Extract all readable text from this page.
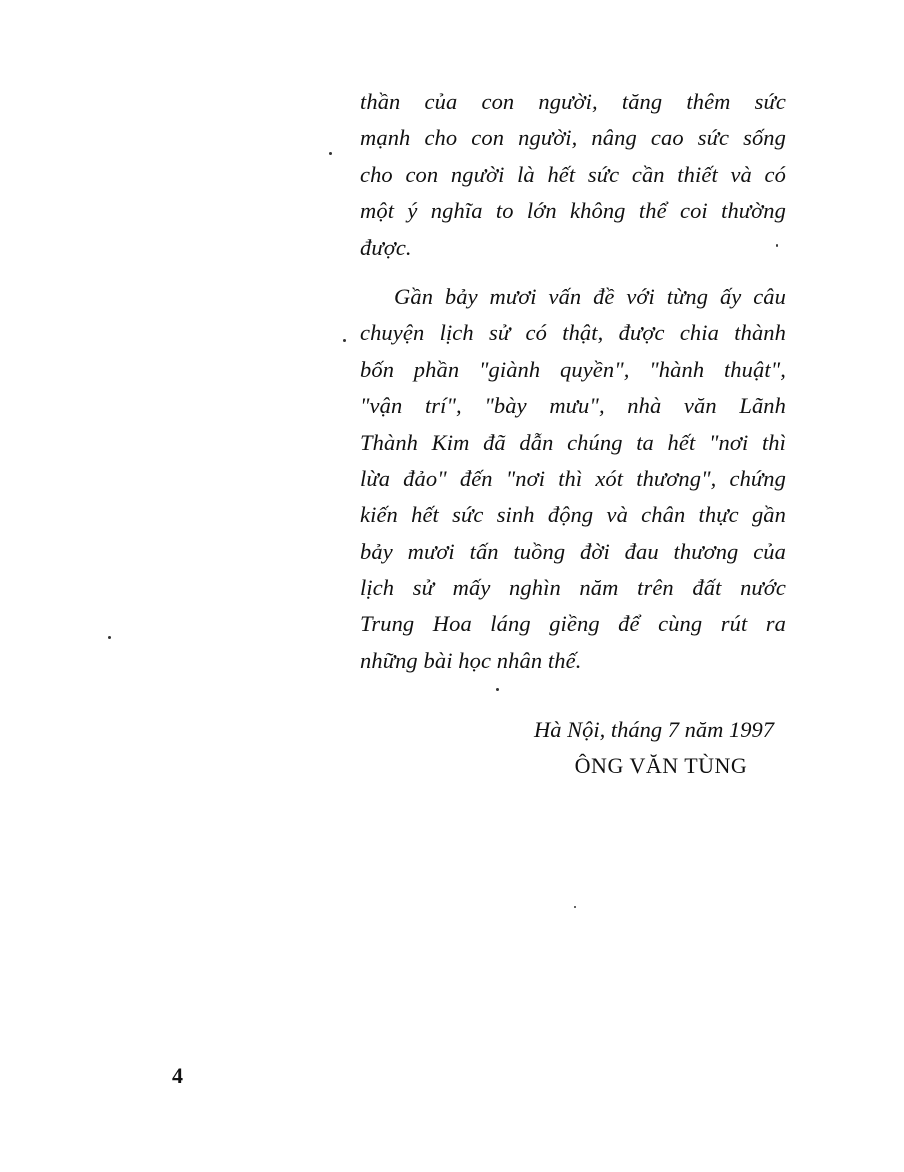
thần của con người, tăng thêm sức
mạnh cho con người, nâng cao sức sống
cho con người là hết sức cần thiết và có
một ý nghĩa to lớn không thể coi thường
được.
Gần bảy mươi vấn đề với từng ấy câu
chuyện lịch sử có thật, được chia thành
bốn phần "giành quyền", "hành thuật",
"vận trí", "bày mưu", nhà văn Lãnh
Thành Kim đã dẫn chúng ta hết "nơi thì
lừa đảo" đến "nơi thì xót thương", chứng
kiến hết sức sinh động và chân thực gần
bảy mươi tấn tuồng đời đau thương của
lịch sử mấy nghìn năm trên đất nước
Trung Hoa láng giềng để cùng rút ra
những bài học nhân thế.
Hà Nội, tháng 7 năm 1997
ÔNG VĂN TÙNG
4
